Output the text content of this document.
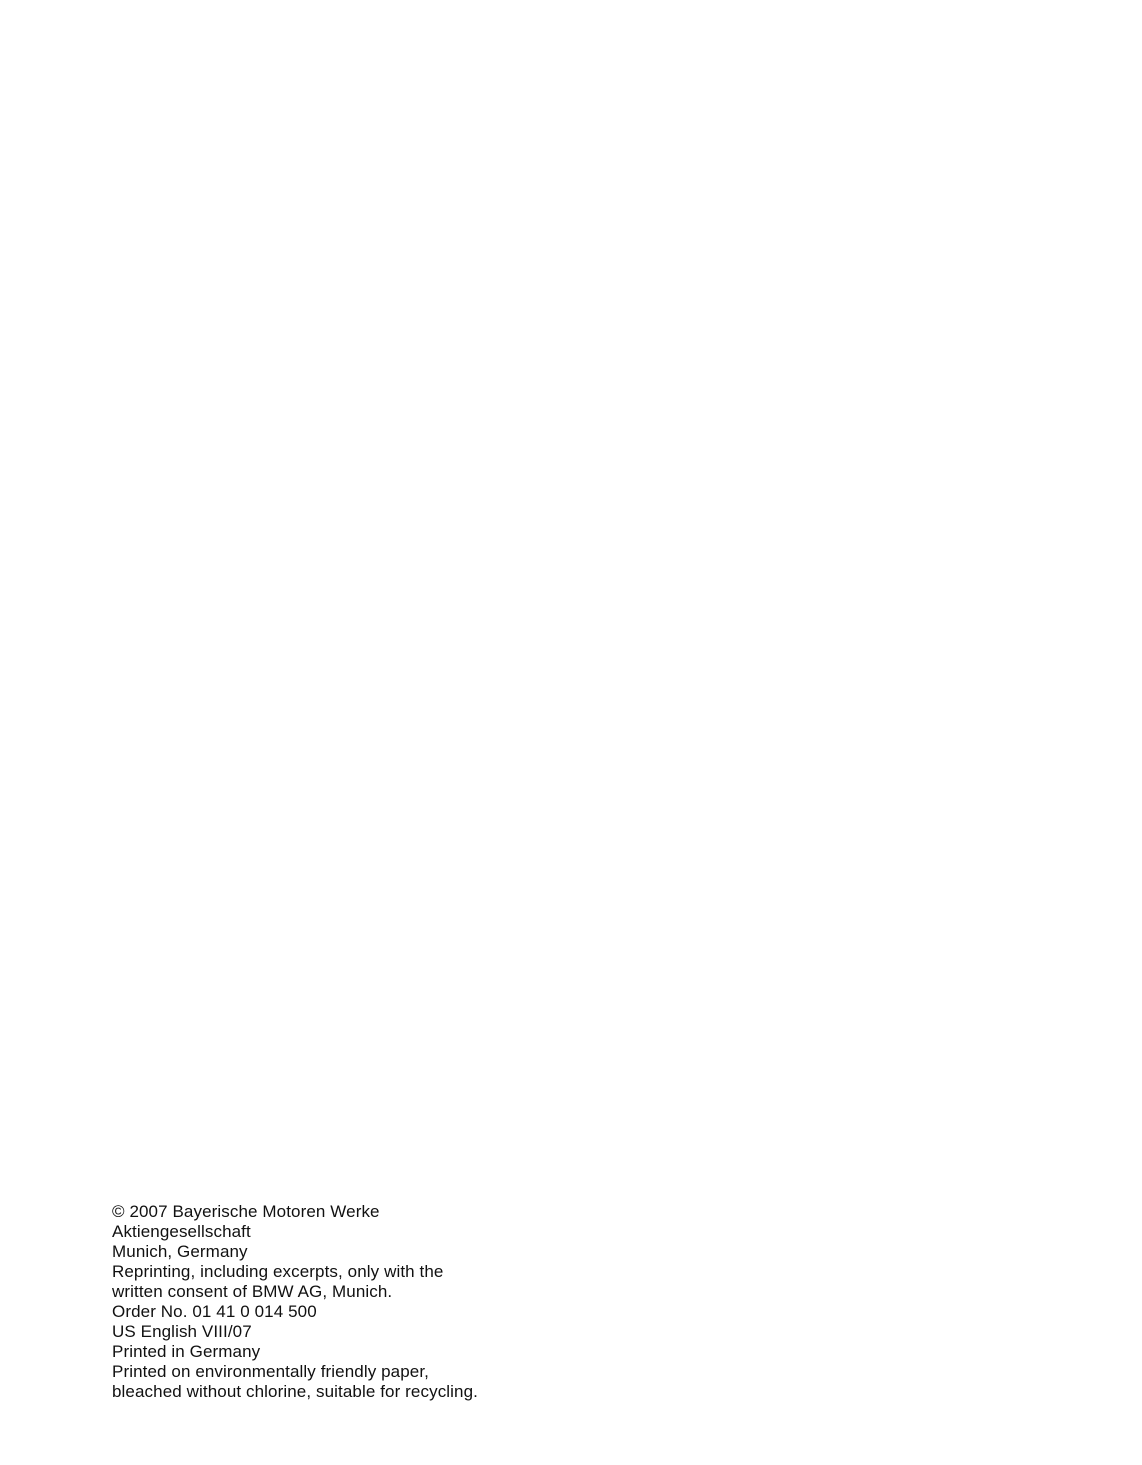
© 2007 Bayerische Motoren Werke
Aktiengesellschaft
Munich, Germany
Reprinting, including excerpts, only with the
written consent of BMW AG, Munich.
Order No. 01 41 0 014 500
US English VIII/07
Printed in Germany
Printed on environmentally friendly paper,
bleached without chlorine, suitable for recycling.
